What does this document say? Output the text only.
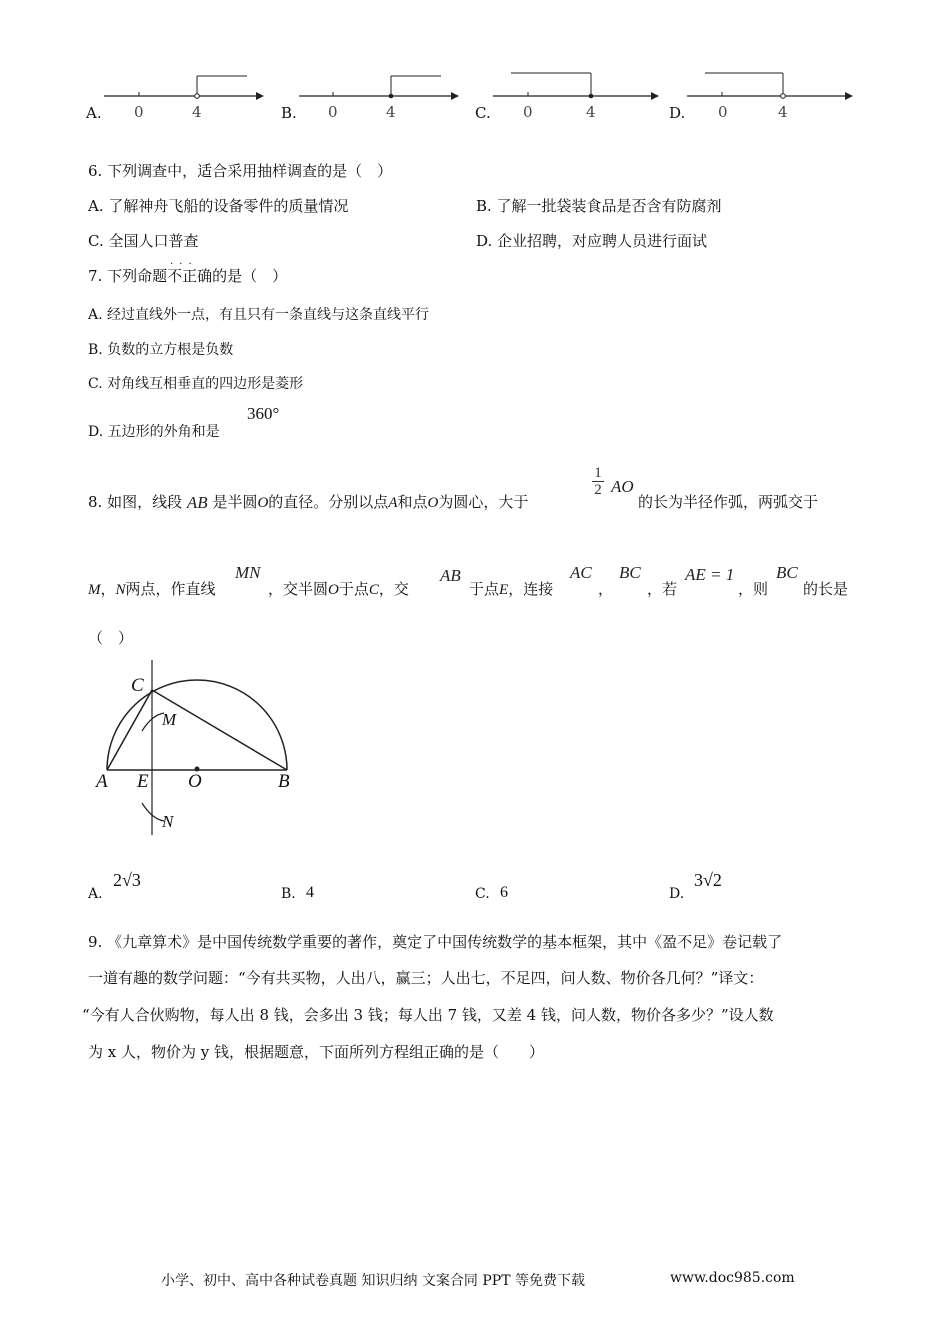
A. 0	4	B. 0	4	C. 0	4	D. 0	4
6. 下列调查中，适合采用抽样调查的是（　）
A. 了解神舟飞船的设备零件的质量情况	B. 了解一批袋装食品是否含有防腐剂
C. 全国人口普查	D. 企业招聘，对应聘人员进行面试
7. 下列命题
···
不正确的是（　）
A. 经过直线外一点，有且只有一条直线与这条直线平行
B. 负数的立方根是负数
C. 对角线互相垂直的四边形是菱形
D. 五边形的外角和是
360°
8. 如图，线段 AB 是半圆O的直径。分别以点A和点O为圆心，大于
$\frac{1}{2}$ AO
的长为半径作弧，两弧交于
M，N两点，作直线
MN
，交半圆O于点C，交
AB
于点E，连接
AC
，
BC
，若
AE = 1
，则
BC
的长是
（　）
C
M
A E O	B
N
A.
2√3
B. 4	C. 6	D.
3√2
9. 《九章算术》是中国传统数学重要的著作，奠定了中国传统数学的基本框架，其中《盈不足》卷记载了
一道有趣的数学问题：“今有共买物，人出八，赢三；人出七，不足四，问人数、物价各几何？”译文：
“今有人合伙购物，每人出 8 钱，会多出 3 钱；每人出 7 钱，又差 4 钱，问人数，物价各多少？”设人数
为 x 人，物价为 y 钱，根据题意，下面所列方程组正确的是（　　）
小学、初中、高中各种试卷真题 知识归纳 文案合同 PPT 等免费下载	www.doc985.com
